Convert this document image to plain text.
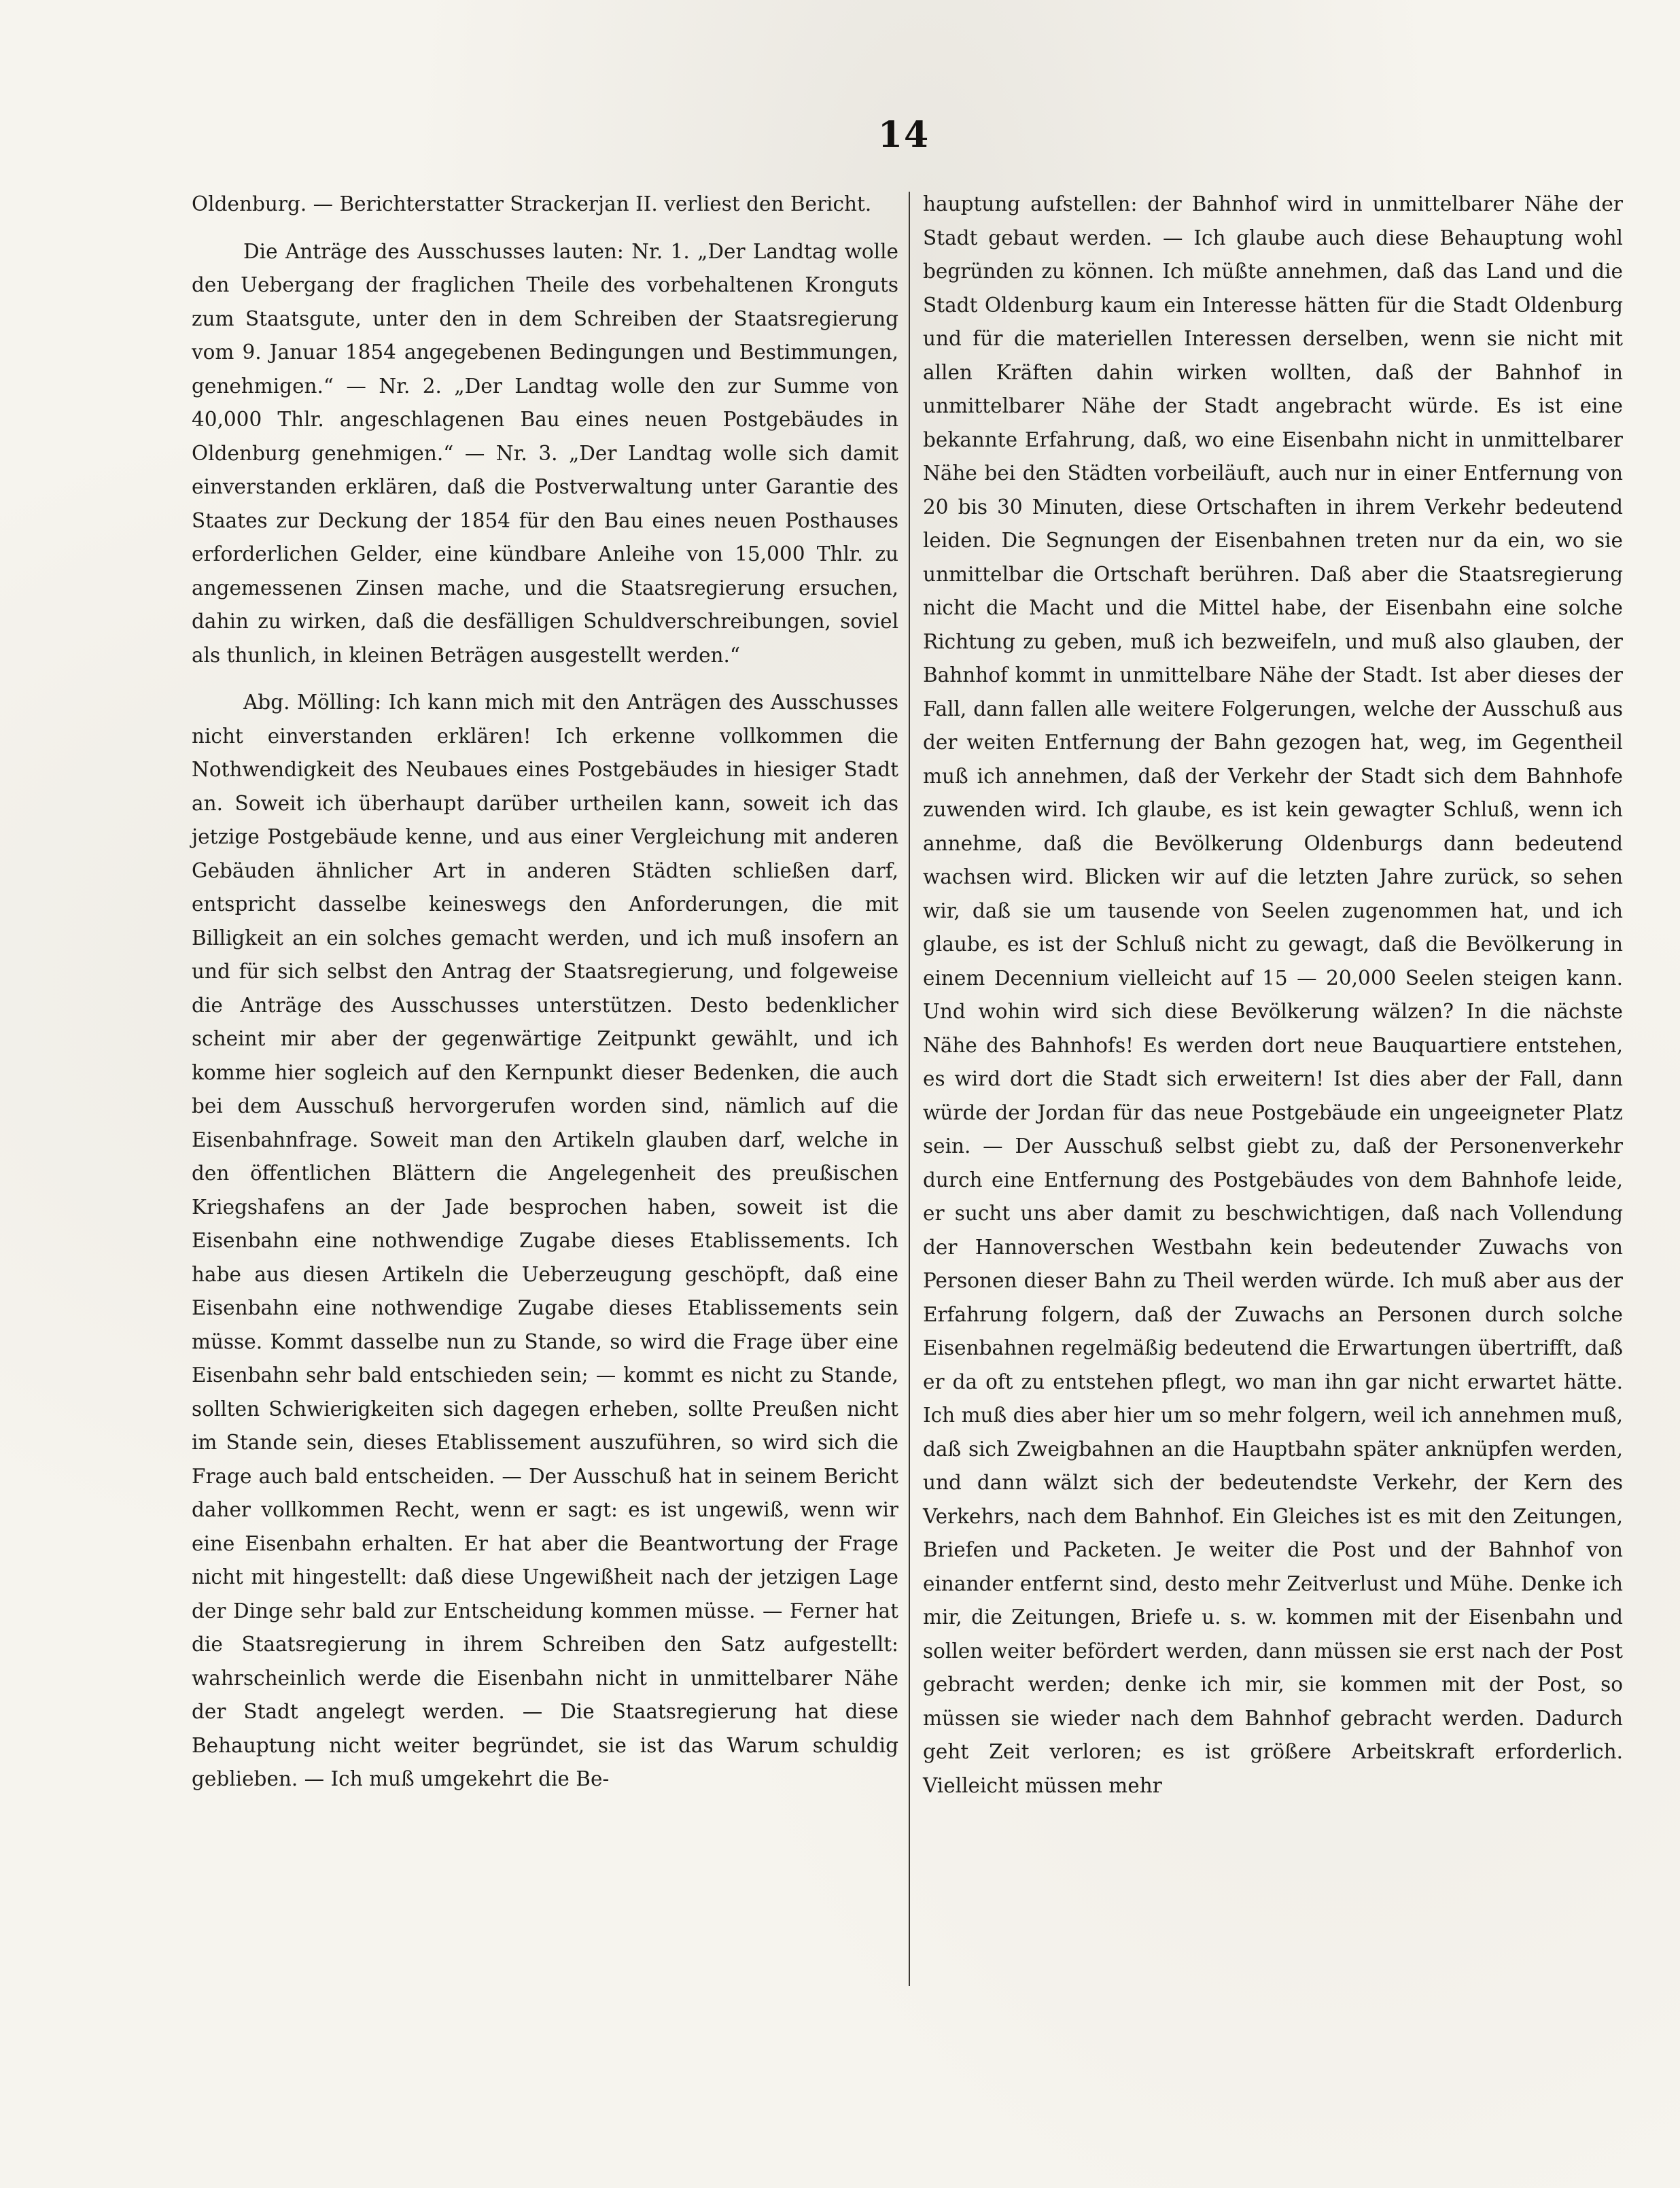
14

Oldenburg. — Berichterstatter Strackerjan II. verliest den Bericht.

Die Anträge des Ausschusses lauten: Nr. 1. „Der Landtag wolle den Uebergang der fraglichen Theile des vorbehaltenen Kronguts zum Staatsgute, unter den in dem Schreiben der Staatsregierung vom 9. Januar 1854 angegebenen Bedingungen und Bestimmungen, genehmigen.“ — Nr. 2. „Der Landtag wolle den zur Summe von 40,000 Thlr. angeschlagenen Bau eines neuen Postgebäudes in Oldenburg genehmigen.“ — Nr. 3. „Der Landtag wolle sich damit einverstanden erklären, daß die Postverwaltung unter Garantie des Staates zur Deckung der 1854 für den Bau eines neuen Posthauses erforderlichen Gelder, eine kündbare Anleihe von 15,000 Thlr. zu angemessenen Zinsen mache, und die Staatsregierung ersuchen, dahin zu wirken, daß die desfälligen Schuldverschreibungen, soviel als thunlich, in kleinen Beträgen ausgestellt werden.“

Abg. Mölling: Ich kann mich mit den Anträgen des Ausschusses nicht einverstanden erklären! Ich erkenne vollkommen die Nothwendigkeit des Neubaues eines Postgebäudes in hiesiger Stadt an. Soweit ich überhaupt darüber urtheilen kann, soweit ich das jetzige Postgebäude kenne, und aus einer Vergleichung mit anderen Gebäuden ähnlicher Art in anderen Städten schließen darf, entspricht dasselbe keineswegs den Anforderungen, die mit Billigkeit an ein solches gemacht werden, und ich muß insofern an und für sich selbst den Antrag der Staatsregierung, und folgeweise die Anträge des Ausschusses unterstützen. Desto bedenklicher scheint mir aber der gegenwärtige Zeitpunkt gewählt, und ich komme hier sogleich auf den Kernpunkt dieser Bedenken, die auch bei dem Ausschuß hervorgerufen worden sind, nämlich auf die Eisenbahnfrage. Soweit man den Artikeln glauben darf, welche in den öffentlichen Blättern die Angelegenheit des preußischen Kriegshafens an der Jade besprochen haben, soweit ist die Eisenbahn eine nothwendige Zugabe dieses Etablissements. Ich habe aus diesen Artikeln die Ueberzeugung geschöpft, daß eine Eisenbahn eine nothwendige Zugabe dieses Etablissements sein müsse. Kommt dasselbe nun zu Stande, so wird die Frage über eine Eisenbahn sehr bald entschieden sein; — kommt es nicht zu Stande, sollten Schwierigkeiten sich dagegen erheben, sollte Preußen nicht im Stande sein, dieses Etablissement auszuführen, so wird sich die Frage auch bald entscheiden. — Der Ausschuß hat in seinem Bericht daher vollkommen Recht, wenn er sagt: es ist ungewiß, wenn wir eine Eisenbahn erhalten. Er hat aber die Beantwortung der Frage nicht mit hingestellt: daß diese Ungewißheit nach der jetzigen Lage der Dinge sehr bald zur Entscheidung kommen müsse. — Ferner hat die Staatsregierung in ihrem Schreiben den Satz aufgestellt: wahrscheinlich werde die Eisenbahn nicht in unmittelbarer Nähe der Stadt angelegt werden. — Die Staatsregierung hat diese Behauptung nicht weiter begründet, sie ist das Warum schuldig geblieben. — Ich muß umgekehrt die Be-

hauptung aufstellen: der Bahnhof wird in unmittelbarer Nähe der Stadt gebaut werden. — Ich glaube auch diese Behauptung wohl begründen zu können. Ich müßte annehmen, daß das Land und die Stadt Oldenburg kaum ein Interesse hätten für die Stadt Oldenburg und für die materiellen Interessen derselben, wenn sie nicht mit allen Kräften dahin wirken wollten, daß der Bahnhof in unmittelbarer Nähe der Stadt angebracht würde. Es ist eine bekannte Erfahrung, daß, wo eine Eisenbahn nicht in unmittelbarer Nähe bei den Städten vorbeiläuft, auch nur in einer Entfernung von 20 bis 30 Minuten, diese Ortschaften in ihrem Verkehr bedeutend leiden. Die Segnungen der Eisenbahnen treten nur da ein, wo sie unmittelbar die Ortschaft berühren. Daß aber die Staatsregierung nicht die Macht und die Mittel habe, der Eisenbahn eine solche Richtung zu geben, muß ich bezweifeln, und muß also glauben, der Bahnhof kommt in unmittelbare Nähe der Stadt. Ist aber dieses der Fall, dann fallen alle weitere Folgerungen, welche der Ausschuß aus der weiten Entfernung der Bahn gezogen hat, weg, im Gegentheil muß ich annehmen, daß der Verkehr der Stadt sich dem Bahnhofe zuwenden wird. Ich glaube, es ist kein gewagter Schluß, wenn ich annehme, daß die Bevölkerung Oldenburgs dann bedeutend wachsen wird. Blicken wir auf die letzten Jahre zurück, so sehen wir, daß sie um tausende von Seelen zugenommen hat, und ich glaube, es ist der Schluß nicht zu gewagt, daß die Bevölkerung in einem Decennium vielleicht auf 15 — 20,000 Seelen steigen kann. Und wohin wird sich diese Bevölkerung wälzen? In die nächste Nähe des Bahnhofs! Es werden dort neue Bauquartiere entstehen, es wird dort die Stadt sich erweitern! Ist dies aber der Fall, dann würde der Jordan für das neue Postgebäude ein ungeeigneter Platz sein. — Der Ausschuß selbst giebt zu, daß der Personenverkehr durch eine Entfernung des Postgebäudes von dem Bahnhofe leide, er sucht uns aber damit zu beschwichtigen, daß nach Vollendung der Hannoverschen Westbahn kein bedeutender Zuwachs von Personen dieser Bahn zu Theil werden würde. Ich muß aber aus der Erfahrung folgern, daß der Zuwachs an Personen durch solche Eisenbahnen regelmäßig bedeutend die Erwartungen übertrifft, daß er da oft zu entstehen pflegt, wo man ihn gar nicht erwartet hätte. Ich muß dies aber hier um so mehr folgern, weil ich annehmen muß, daß sich Zweigbahnen an die Hauptbahn später anknüpfen werden, und dann wälzt sich der bedeutendste Verkehr, der Kern des Verkehrs, nach dem Bahnhof. Ein Gleiches ist es mit den Zeitungen, Briefen und Packeten. Je weiter die Post und der Bahnhof von einander entfernt sind, desto mehr Zeitverlust und Mühe. Denke ich mir, die Zeitungen, Briefe u. s. w. kommen mit der Eisenbahn und sollen weiter befördert werden, dann müssen sie erst nach der Post gebracht werden; denke ich mir, sie kommen mit der Post, so müssen sie wieder nach dem Bahnhof gebracht werden. Dadurch geht Zeit verloren; es ist größere Arbeitskraft erforderlich. Vielleicht müssen mehr
